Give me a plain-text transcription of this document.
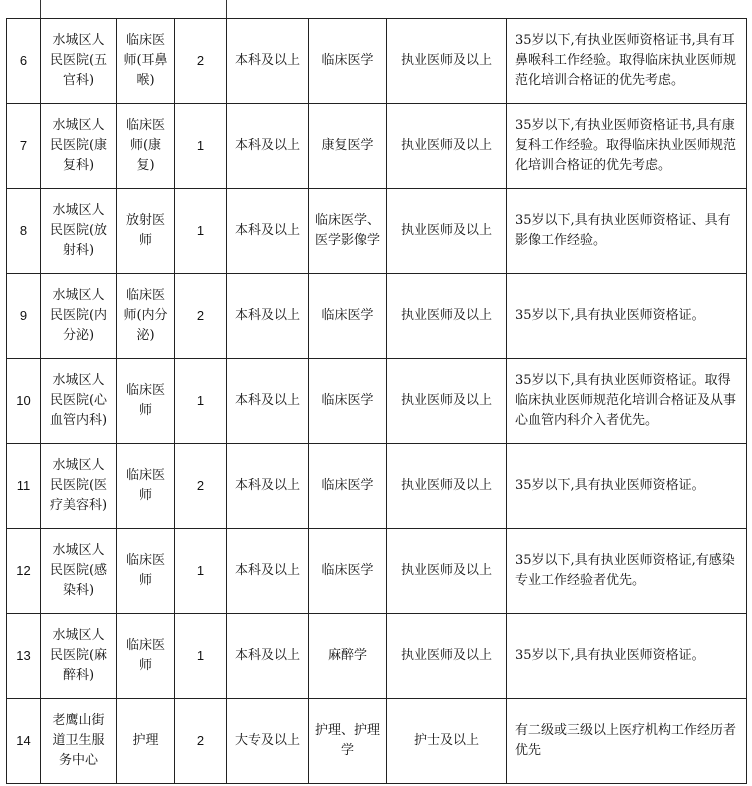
6	水城区人民医院(五官科)	临床医师(耳鼻喉)	2	本科及以上	临床医学	执业医师及以上	35岁以下,有执业医师资格证书,具有耳鼻喉科工作经验。取得临床执业医师规范化培训合格证的优先考虑。
7	水城区人民医院(康复科)	临床医师(康复)	1	本科及以上	康复医学	执业医师及以上	35岁以下,有执业医师资格证书,具有康复科工作经验。取得临床执业医师规范化培训合格证的优先考虑。
8	水城区人民医院(放射科)	放射医师	1	本科及以上	临床医学、医学影像学	执业医师及以上	35岁以下,具有执业医师资格证、具有影像工作经验。
9	水城区人民医院(内分泌)	临床医师(内分泌)	2	本科及以上	临床医学	执业医师及以上	35岁以下,具有执业医师资格证。
10	水城区人民医院(心血管内科)	临床医师	1	本科及以上	临床医学	执业医师及以上	35岁以下,具有执业医师资格证。取得临床执业医师规范化培训合格证及从事心血管内科介入者优先。
11	水城区人民医院(医疗美容科)	临床医师	2	本科及以上	临床医学	执业医师及以上	35岁以下,具有执业医师资格证。
12	水城区人民医院(感染科)	临床医师	1	本科及以上	临床医学	执业医师及以上	35岁以下,具有执业医师资格证,有感染专业工作经验者优先。
13	水城区人民医院(麻醉科)	临床医师	1	本科及以上	麻醉学	执业医师及以上	35岁以下,具有执业医师资格证。
14	老鹰山街道卫生服务中心	护理	2	大专及以上	护理、护理学	护士及以上	有二级或三级以上医疗机构工作经历者优先
